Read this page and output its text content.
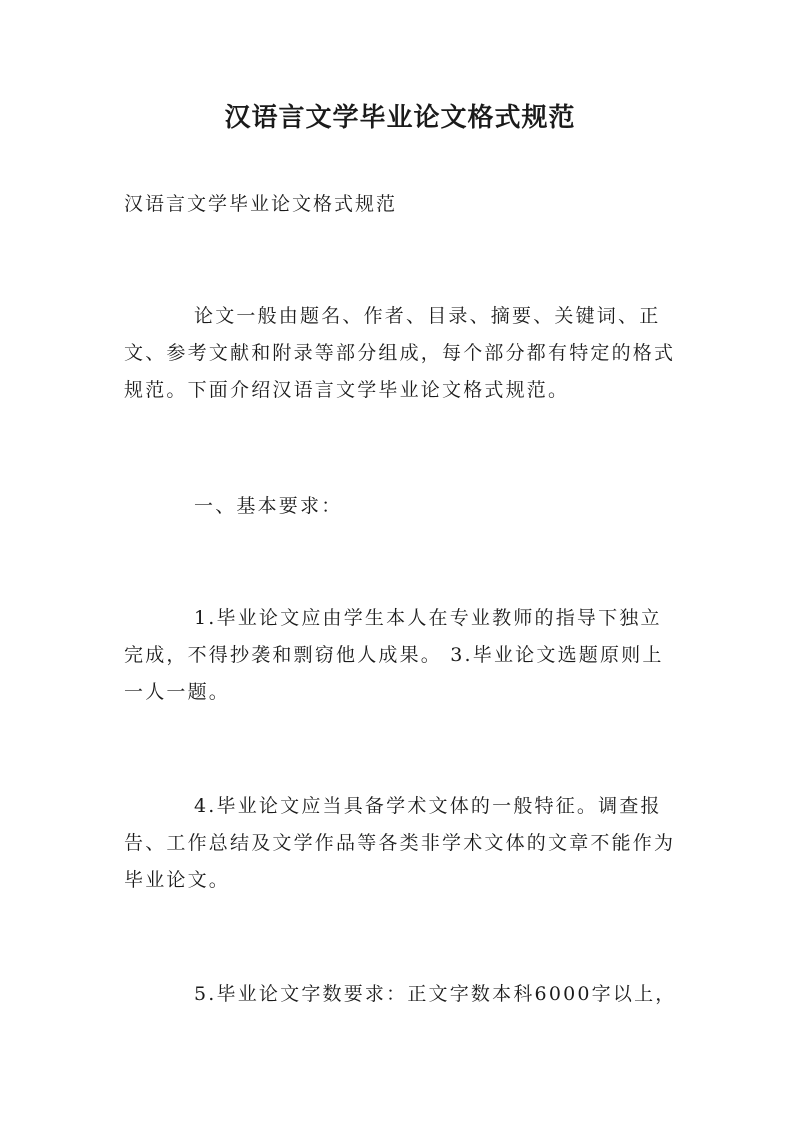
汉语言文学毕业论文格式规范
汉语言文学毕业论文格式规范

论文一般由题名、作者、目录、摘要、关键词、正文、参考文献和附录等部分组成，每个部分都有特定的格式规范。下面介绍汉语言文学毕业论文格式规范。

一、基本要求：

1.毕业论文应由学生本人在专业教师的指导下独立完成，不得抄袭和剽窃他人成果。 3.毕业论文选题原则上一人一题。

4.毕业论文应当具备学术文体的一般特征。调查报告、工作总结及文学作品等各类非学术文体的文章不能作为毕业论文。

5.毕业论文字数要求：正文字数本科6000字以上，
